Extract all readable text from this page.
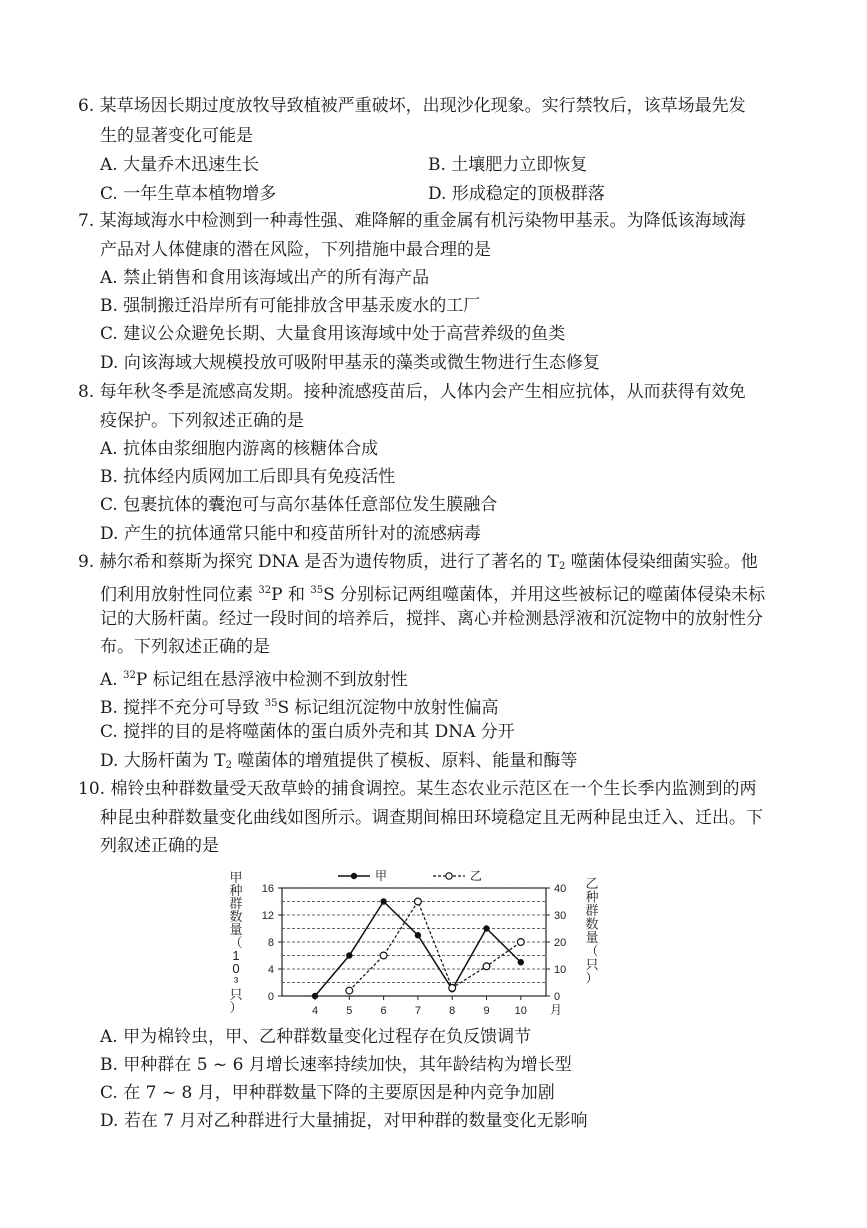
6. 某草场因长期过度放牧导致植被严重破坏，出现沙化现象。实行禁牧后，该草场最先发
生的显著变化可能是
A. 大量乔木迅速生长	B. 土壤肥力立即恢复
C. 一年生草本植物增多	D. 形成稳定的顶极群落
7. 某海域海水中检测到一种毒性强、难降解的重金属有机污染物甲基汞。为降低该海域海
产品对人体健康的潜在风险，下列措施中最合理的是
A. 禁止销售和食用该海域出产的所有海产品
B. 强制搬迁沿岸所有可能排放含甲基汞废水的工厂
C. 建议公众避免长期、大量食用该海域中处于高营养级的鱼类
D. 向该海域大规模投放可吸附甲基汞的藻类或微生物进行生态修复
8. 每年秋冬季是流感高发期。接种流感疫苗后，人体内会产生相应抗体，从而获得有效免
疫保护。下列叙述正确的是
A. 抗体由浆细胞内游离的核糖体合成
B. 抗体经内质网加工后即具有免疫活性
C. 包裹抗体的囊泡可与高尔基体任意部位发生膜融合
D. 产生的抗体通常只能中和疫苗所针对的流感病毒
9. 赫尔希和蔡斯为探究 DNA 是否为遗传物质，进行了著名的 $T_2$ 噬菌体侵染细菌实验。他
们利用放射性同位素 $^{32}$P 和 $^{35}$S 分别标记两组噬菌体，并用这些被标记的噬菌体侵染未标
记的大肠杆菌。经过一段时间的培养后，搅拌、离心并检测悬浮液和沉淀物中的放射性分
布。下列叙述正确的是
A. $^{32}$P 标记组在悬浮液中检测不到放射性
B. 搅拌不充分可导致 $^{35}$S 标记组沉淀物中放射性偏高
C. 搅拌的目的是将噬菌体的蛋白质外壳和其 DNA 分开
D. 大肠杆菌为 $T_2$ 噬菌体的增殖提供了模板、原料、能量和酶等
10. 棉铃虫种群数量受天敌草蛉的捕食调控。某生态农业示范区在一个生长季内监测到的两
种昆虫种群数量变化曲线如图所示。调查期间棉田环境稳定且无两种昆虫迁入、迁出。下
列叙述正确的是
0
4
8
12
16
0
10
20
30
40
4	5	6	7	8	9 10 月
甲
种
群
数
量
（
1
0
³
只
）
乙
种
群
数
量
（
只
）
甲	乙
A. 甲为棉铃虫，甲、乙种群数量变化过程存在负反馈调节
B. 甲种群在 5 ~ 6 月增长速率持续加快，其年龄结构为增长型
C. 在 7 ~ 8 月，甲种群数量下降的主要原因是种内竞争加剧
D. 若在 7 月对乙种群进行大量捕捉，对甲种群的数量变化无影响
